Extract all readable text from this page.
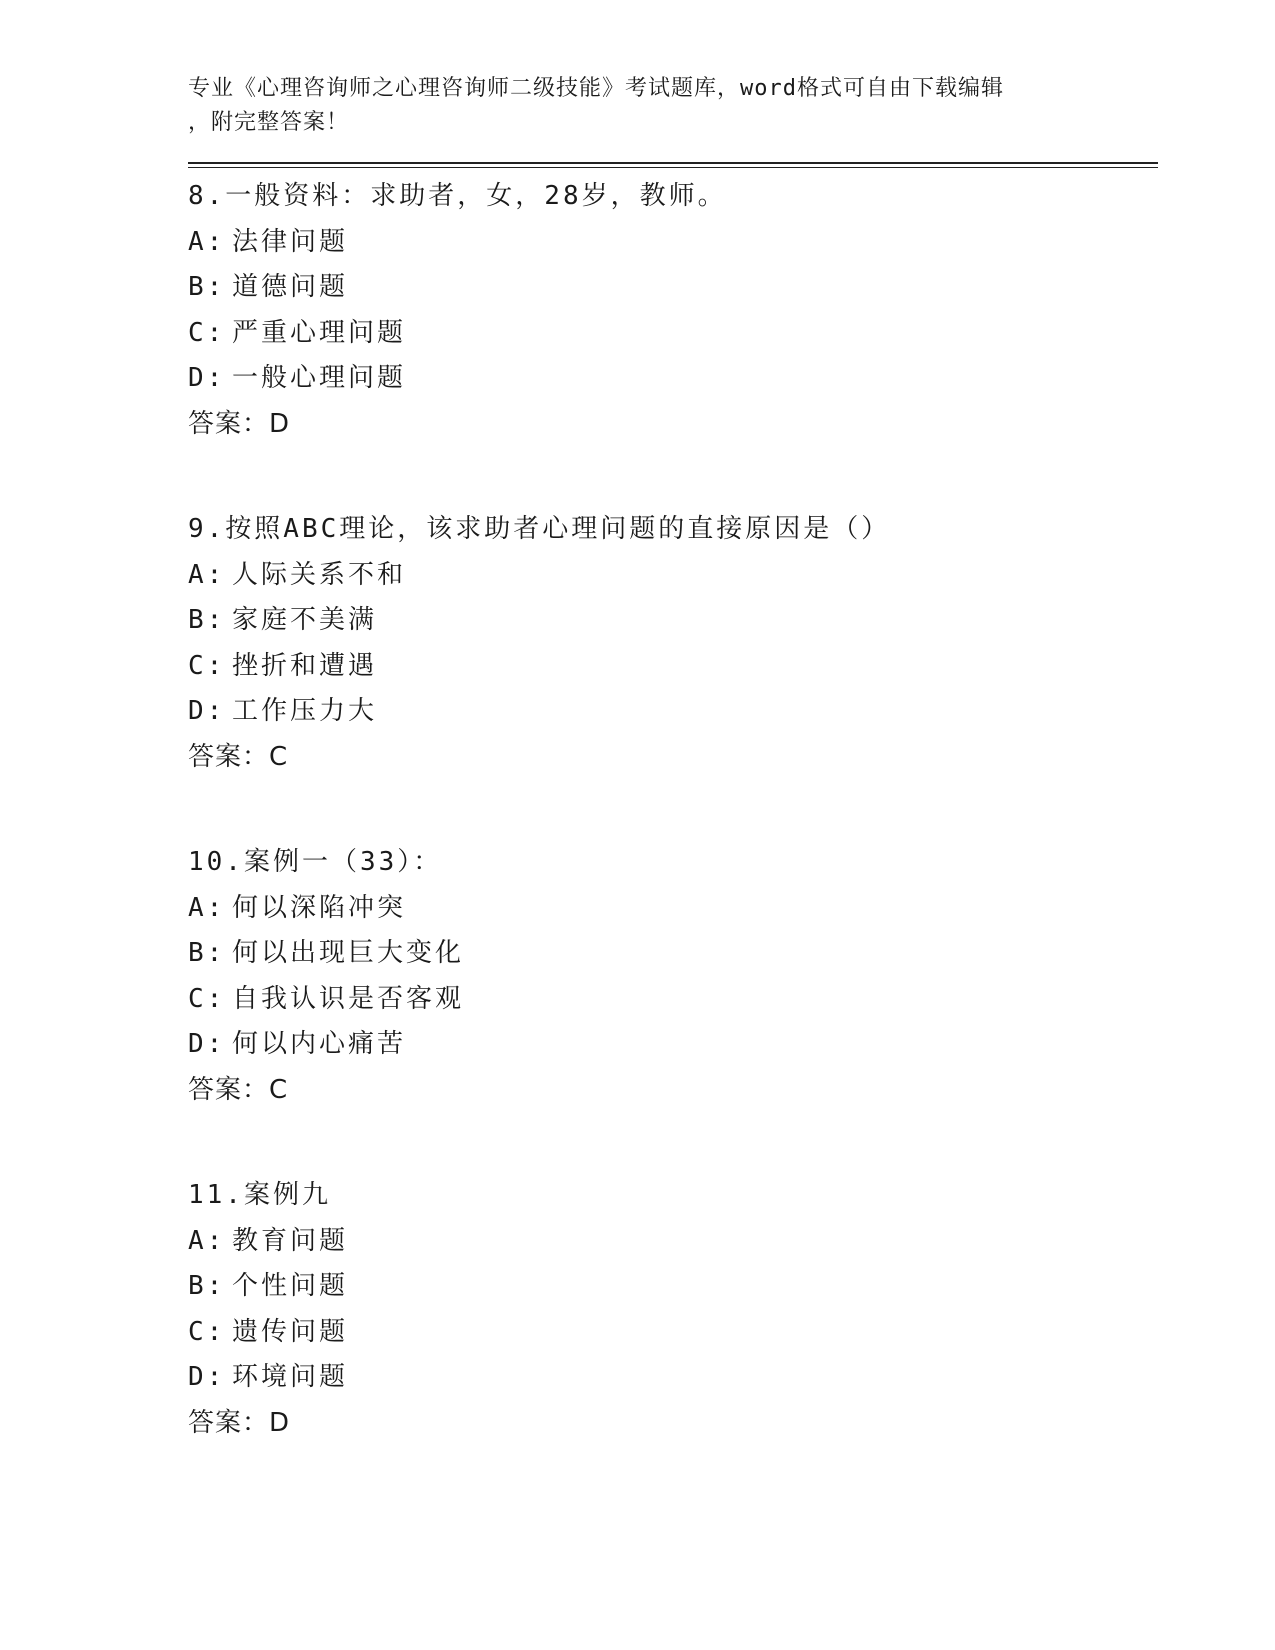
专业《心理咨询师之心理咨询师二级技能》考试题库，word格式可自由下载编辑
，附完整答案！

8.一般资料：求助者，女，28岁，教师。
A: 法律问题
B: 道德问题
C: 严重心理问题
D: 一般心理问题
答案：D
9.按照ABC理论，该求助者心理问题的直接原因是（）
A: 人际关系不和
B: 家庭不美满
C: 挫折和遭遇
D: 工作压力大
答案：C
10.案例一（33）：
A: 何以深陷冲突
B: 何以出现巨大变化
C: 自我认识是否客观
D: 何以内心痛苦
答案：C
11.案例九
A: 教育问题
B: 个性问题
C: 遗传问题
D: 环境问题
答案：D
